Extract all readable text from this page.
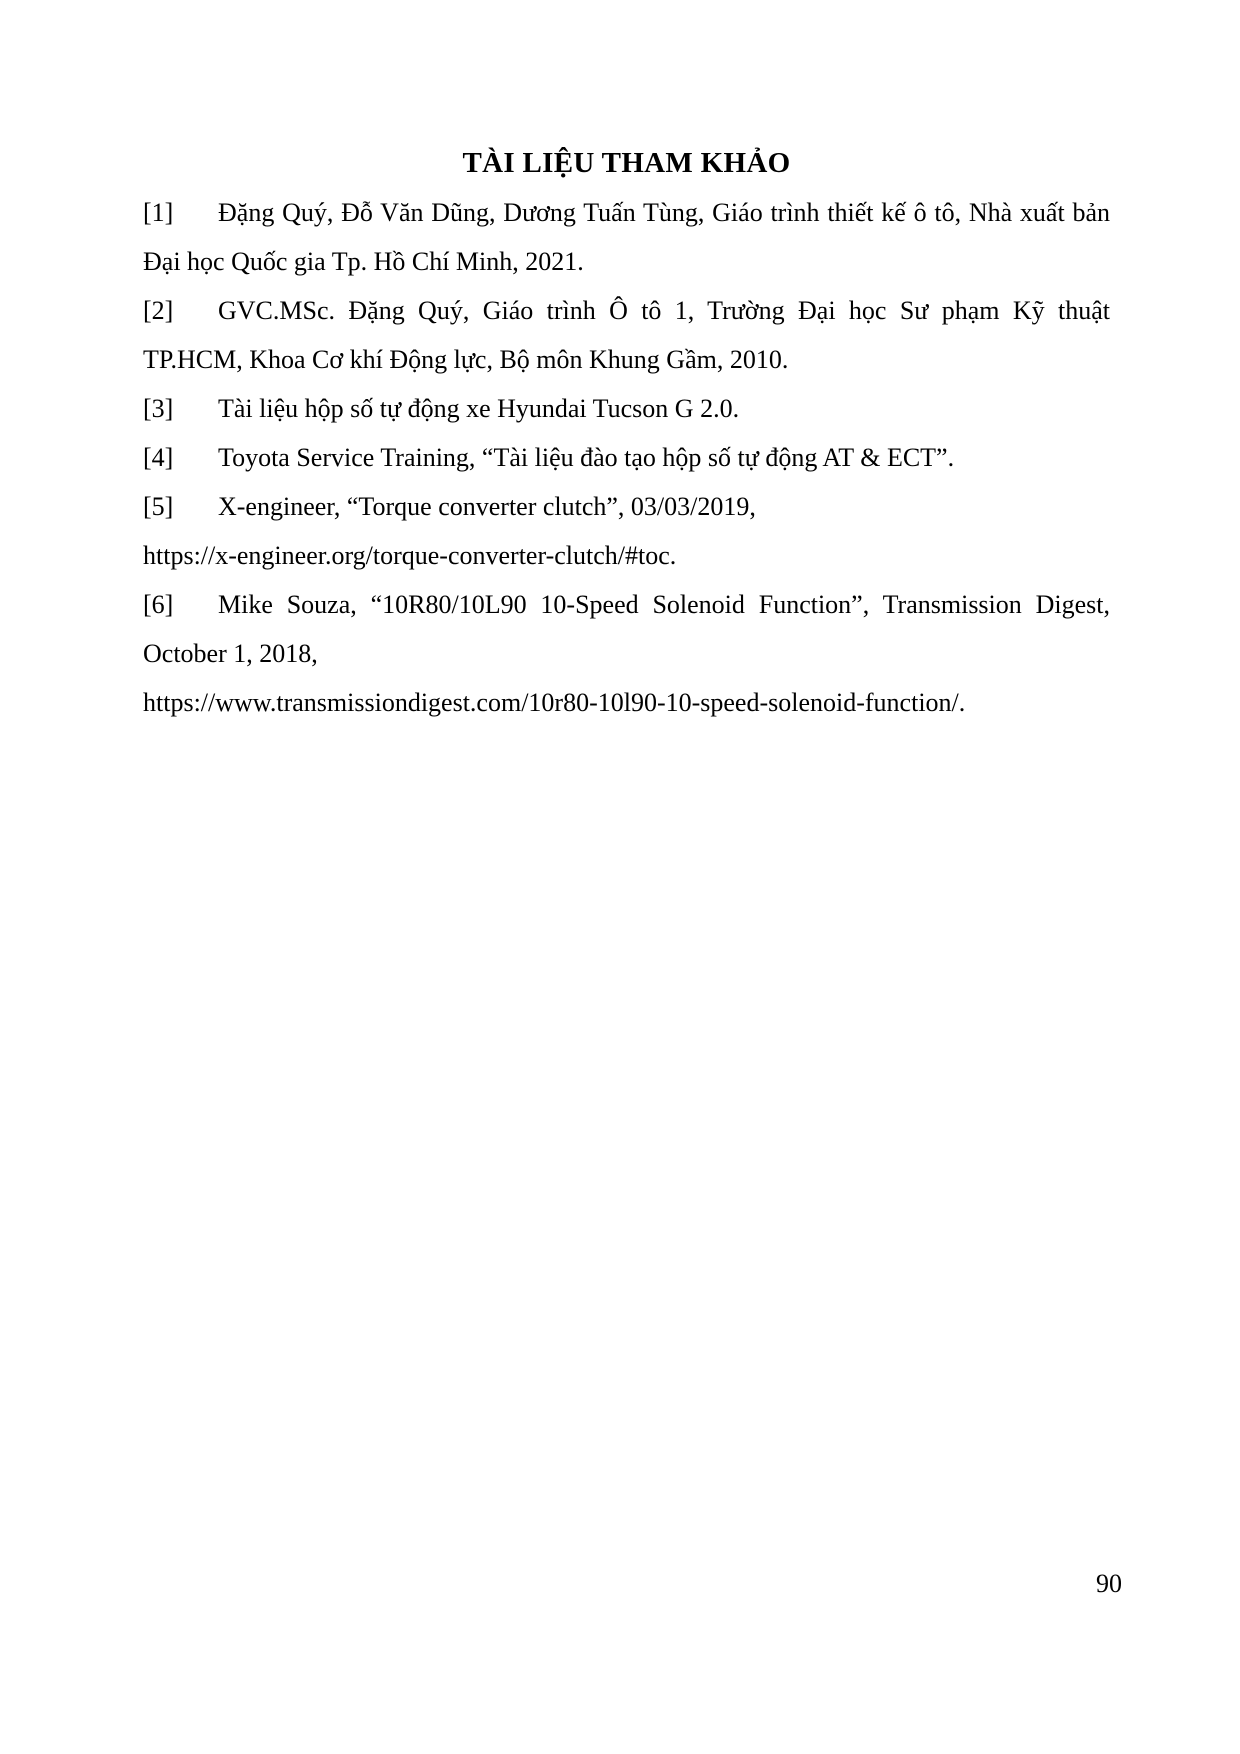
TÀI LIỆU THAM KHẢO
[1] Đặng Quý, Đỗ Văn Dũng, Dương Tuấn Tùng, Giáo trình thiết kế ô tô, Nhà xuất bản
Đại học Quốc gia Tp. Hồ Chí Minh, 2021.
[2] GVC.MSc. Đặng Quý, Giáo trình Ô tô 1, Trường Đại học Sư phạm Kỹ thuật
TP.HCM, Khoa Cơ khí Động lực, Bộ môn Khung Gầm, 2010.
[3] Tài liệu hộp số tự động xe Hyundai Tucson G 2.0.
[4] Toyota Service Training, “Tài liệu đào tạo hộp số tự động AT & ECT”.
[5] X-engineer, “Torque converter clutch”, 03/03/2019,
https://x-engineer.org/torque-converter-clutch/#toc.
[6] Mike Souza, “10R80/10L90 10-Speed Solenoid Function”, Transmission Digest,
October 1, 2018,
https://www.transmissiondigest.com/10r80-10l90-10-speed-solenoid-function/.
90
